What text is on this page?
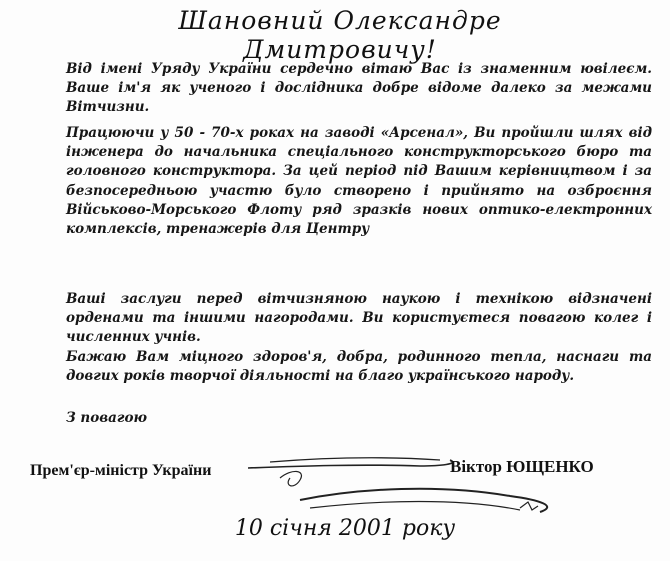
Шановний Олександре Дмитровичу!

Від імені Уряду України сердечно вітаю Вас із знаменним ювілеєм. Ваше ім'я як ученого і дослідника добре відоме далеко за межами Вітчизни.

Працюючи у 50 - 70-х роках на заводі «Арсенал», Ви пройшли шлях від інженера до начальника спеціального конструкторського бюро та головного конструктора. За цей період під Вашим керівництвом і за безпосередньою участю було створено і прийнято на озброєння Військово-Морського Флоту ряд зразків нових оптико-електронних комплексів, тренажерів для Центру

Ваші заслуги перед вітчизняною наукою і технікою відзначені орденами та іншими нагородами. Ви користуєтеся повагою колег і численних учнів.

Бажаю Вам міцного здоров'я, добра, родинного тепла, наснаги та довгих років творчої діяльності на благо українського народу.

З повагою
Прем'єр-міністр України	Віктор ЮЩЕНКО
10 січня 2001 року
